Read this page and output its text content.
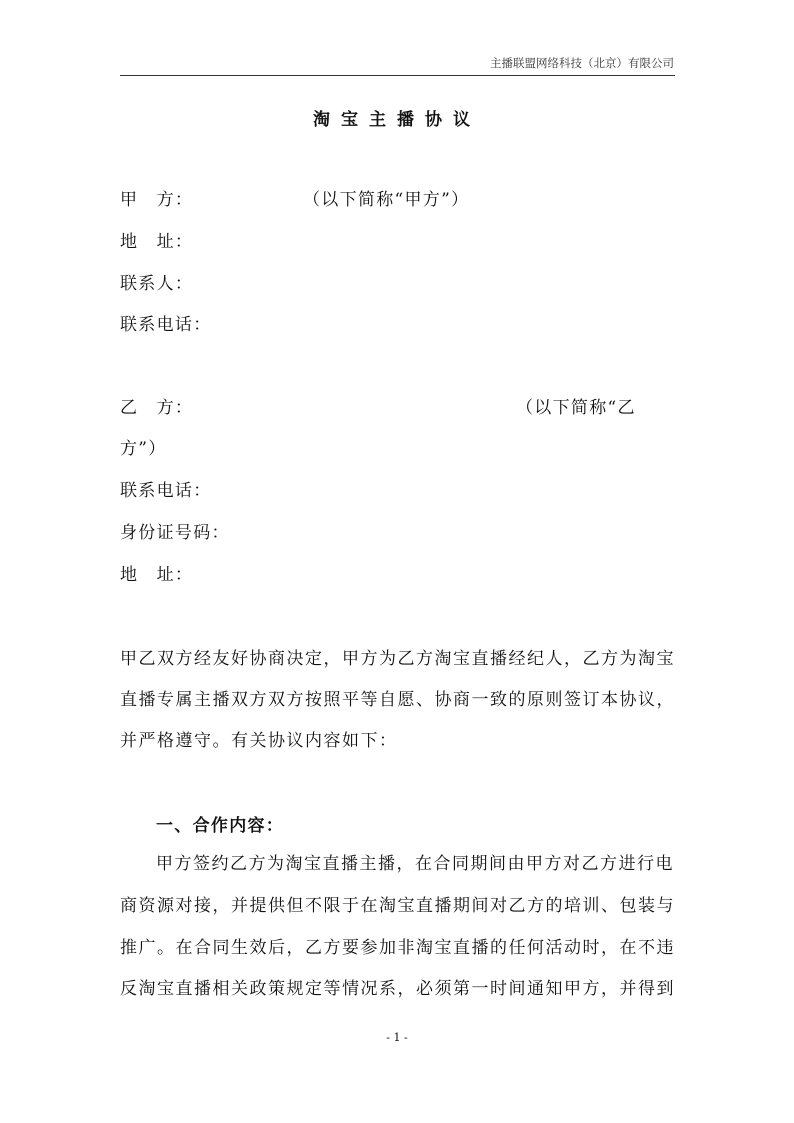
主播联盟网络科技（北京）有限公司
淘宝主播协议
甲　方：	（以下简称“甲方”）
地　址：
联系人：
联系电话：
乙　方：	（以下简称“乙
方”）
联系电话：
身份证号码：
地　址：
甲乙双方经友好协商决定，甲方为乙方淘宝直播经纪人，乙方为淘宝
直播专属主播双方双方按照平等自愿、协商一致的原则签订本协议，
并严格遵守。有关协议内容如下：
一、合作内容：
甲方签约乙方为淘宝直播主播，在合同期间由甲方对乙方进行电
商资源对接，并提供但不限于在淘宝直播期间对乙方的培训、包装与
推广。在合同生效后，乙方要参加非淘宝直播的任何活动时，在不违
反淘宝直播相关政策规定等情况系，必须第一时间通知甲方，并得到
- 1 -
